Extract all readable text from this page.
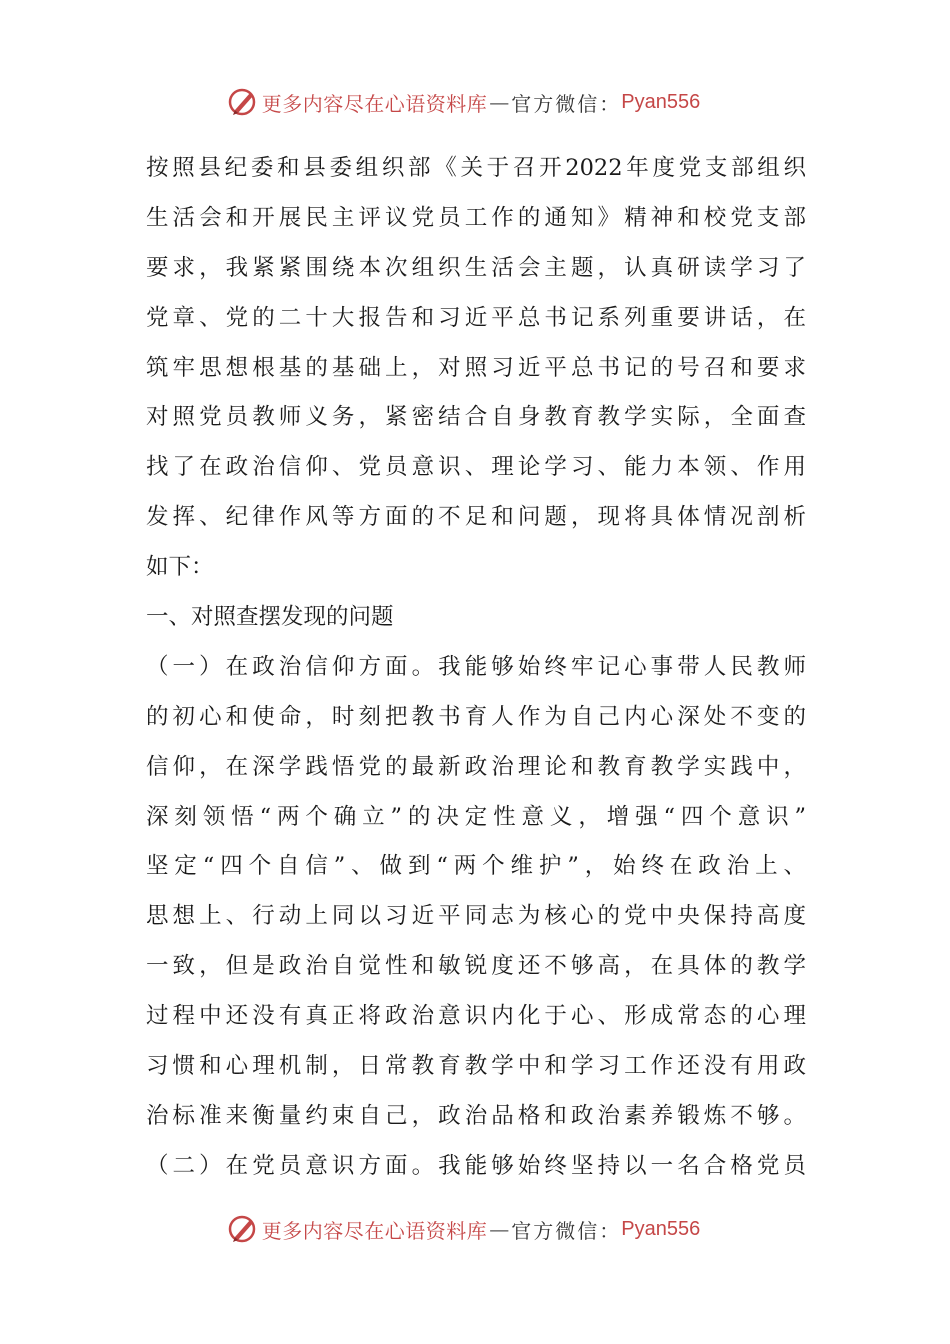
更多内容尽在心语资料库 — 官方微信： Pyan556
按照县纪委和县委组织部《关于召开2022年度党支部组织
生活会和开展民主评议党员工作的通知》精神和校党支部
要求，我紧紧围绕本次组织生活会主题，认真研读学习了
党章、党的二十大报告和习近平总书记系列重要讲话，在
筑牢思想根基的基础上，对照习近平总书记的号召和要求
对照党员教师义务，紧密结合自身教育教学实际，全面查
找了在政治信仰、党员意识、理论学习、能力本领、作用
发挥、纪律作风等方面的不足和问题，现将具体情况剖析
如下：
一、对照查摆发现的问题
（一）在政治信仰方面。我能够始终牢记心事带人民教师
的初心和使命，时刻把教书育人作为自己内心深处不变的
信仰，在深学践悟党的最新政治理论和教育教学实践中，
深刻领悟“两个确立”的决定性意义，增强“四个意识”
坚定“四个自信”、做到“两个维护”，始终在政治上、
思想上、行动上同以习近平同志为核心的党中央保持高度
一致，但是政治自觉性和敏锐度还不够高，在具体的教学
过程中还没有真正将政治意识内化于心、形成常态的心理
习惯和心理机制，日常教育教学中和学习工作还没有用政
治标准来衡量约束自己，政治品格和政治素养锻炼不够。
（二）在党员意识方面。我能够始终坚持以一名合格党员
更多内容尽在心语资料库 — 官方微信： Pyan556
